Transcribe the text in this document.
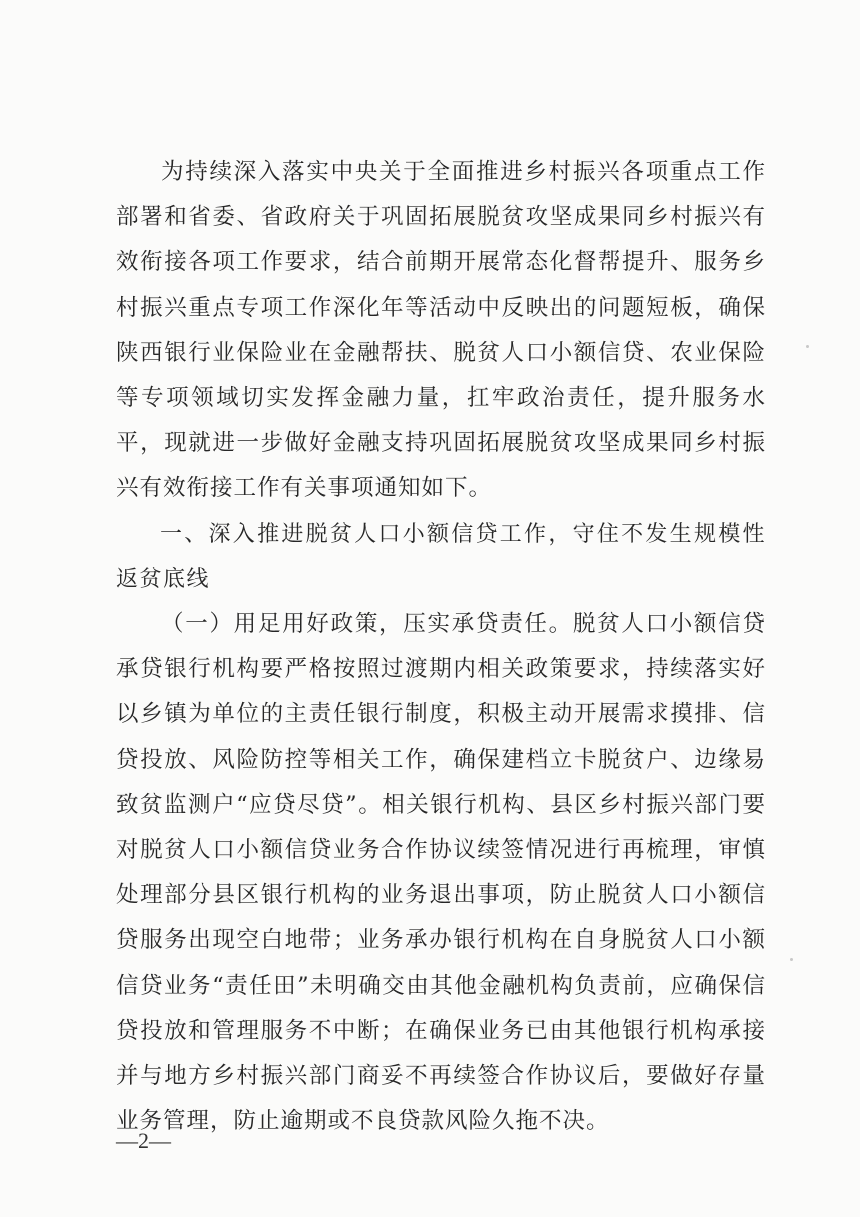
为持续深入落实中央关于全面推进乡村振兴各项重点工作部署和省委、省政府关于巩固拓展脱贫攻坚成果同乡村振兴有效衔接各项工作要求，结合前期开展常态化督帮提升、服务乡村振兴重点专项工作深化年等活动中反映出的问题短板，确保陕西银行业保险业在金融帮扶、脱贫人口小额信贷、农业保险等专项领域切实发挥金融力量，扛牢政治责任，提升服务水平，现就进一步做好金融支持巩固拓展脱贫攻坚成果同乡村振兴有效衔接工作有关事项通知如下。

一、深入推进脱贫人口小额信贷工作，守住不发生规模性返贫底线

（一）用足用好政策，压实承贷责任。脱贫人口小额信贷承贷银行机构要严格按照过渡期内相关政策要求，持续落实好以乡镇为单位的主责任银行制度，积极主动开展需求摸排、信贷投放、风险防控等相关工作，确保建档立卡脱贫户、边缘易致贫监测户“应贷尽贷”。相关银行机构、县区乡村振兴部门要对脱贫人口小额信贷业务合作协议续签情况进行再梳理，审慎处理部分县区银行机构的业务退出事项，防止脱贫人口小额信贷服务出现空白地带；业务承办银行机构在自身脱贫人口小额信贷业务“责任田”未明确交由其他金融机构负责前，应确保信贷投放和管理服务不中断；在确保业务已由其他银行机构承接并与地方乡村振兴部门商妥不再续签合作协议后，要做好存量业务管理，防止逾期或不良贷款风险久拖不决。

—2—
